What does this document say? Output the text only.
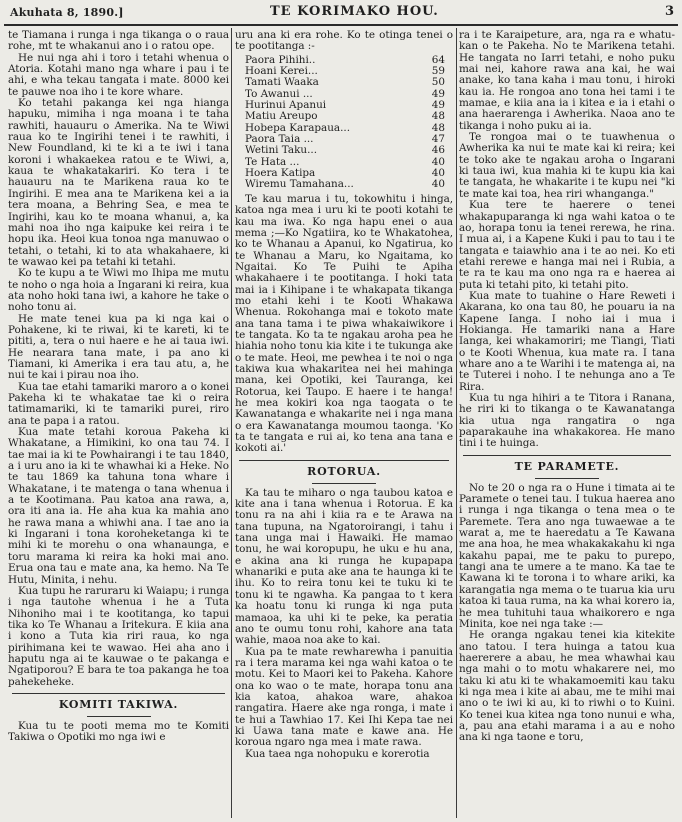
Akuhata 8, 1890.]	TE KORIMAKO HOU.	3

te Tiamana i runga i nga tikanga o o raua rohe, mt te whakanui ano i o ratou ope.

He nui nga ahi i toro i tetahi whenua o Atoria. Kotahi mano nga whare i pau i te ahi, e wha tekau tangata i mate. 8000 kei te pauwe noa iho i te kore whare.

Ko tetahi pakanga kei nga hianga hapuku, mimiha i nga moana i te taha rawhiti, hauauru o Amerika. Na te Wiwi raua ko te Ingirihi tenei i te rawhiti, i New Foundland, ki te ki a te iwi i tana koroni i whakaekea ratou e te Wiwi, a, kaua te whakatakariri. Ko tera i te hauauru na te Marikena raua ko te Ingirihi. E mea ana te Marikena kei a ia tera moana, a Behring Sea, e mea te Ingirihi, kau ko te moana whanui, a, ka mahi noa iho nga kaipuke kei reira i te hopu ika. Heoi kua tonoa nga manuwao o tetahi, o tetahi, ki to ata whakahaere, ki te wawao kei pa tetahi ki tetahi.

Ko te kupu a te Wiwi mo Ihipa me mutu te noho o nga hoia a Ingarani ki reira, kua ata noho hoki tana iwi, a kahore he take o noho tonu ai.

He mate tenei kua pa ki nga kai o Pohakene, ki te riwai, ki te kareti, ki te pititi, a, tera o nui haere e he ai taua iwi. He nearara tana mate, i pa ano ki Tiamani, ki Amerika i era tau atu, a, he nui te kai i pirau noa iho.

Kua tae etahi tamariki maroro a o konei Pakeha ki te whakatae tae ki o reira tatimamariki, ki te tamariki purei, riro ana te papa i a ratou.

Kua mate tetahi koroua Pakeha ki Whakatane, a Himikini, ko ona tau 74. I tae mai ia ki te Powhairangi i te tau 1840, a i uru ano ia ki te whawhai ki a Heke. No te tau 1869 ka tahuna tona whare i Whakatane, i te matenga o tana whenua i a te Kootimana. Pau katoa ana rawa, a, ora iti ana ia. He aha kua ka mahia ano he rawa mana a whiwhi ana. I tae ano ia ki Ingarani i tona koroheketanga ki te mihi ki te morehu o ona whanaunga, e toru marama ki reira ka hoki mai ano. Erua ona tau e mate ana, ka hemo. Na Te Hutu, Minita, i nehu.

Kua tupu he raruraru ki Waiapu; i runga i nga tautohe whenua i he a Tuta Nihoniho mai i te kootitanga, ko tapui tika ko Te Whanau a Iritekura. E kiia ana i kono a Tuta kia riri raua, ko nga pirihimana kei te wawao. Hei aha ano i haputu nga ai te kauwae o te pakanga e Ngatiporou? E bara te toa pakanga he toa pahekeheke.

KOMITI TAKIWA.

Kua tu te pooti mema mo te Komiti Takiwa o Opotiki mo nga iwi e

uru ana ki era rohe. Ko te otinga tenei o te pootitanga :-

Paora Pihihi..	64
Hoani Kerei...	59
Tamati Waaka	50
To Awanui ...	49
Hurinui Apanui	49
Matiu Areupo	48
Hobepa Karapaua...	48
Paora Taia ...	47
Wetini Taku...	46
Te Hata ...	40
Hoera Katipa	40
Wiremu Tamahana...	40

Te kau marua i tu, tokowhitu i hinga, katoa nga mea i uru ki te pooti kotahi te kau ma iwa. Ko nga hapu enei o aua mema ;—Ko Ngatiira, ko te Whakatohea, ko te Whanau a Apanui, ko Ngatirua, ko te Whanau a Maru, ko Ngaitama, ko Ngaitai. Ko Te Puihi te Apiha whakahaere i te pootitanga. I hoki tata mai ia i Kihipane i te whakapata tikanga mo etahi kehi i te Kooti Whakawa Whenua. Rokohanga mai e tokoto mate ana tana tama i te piwa whakaiwikore i te tangata. Ko ta te ngakau aroha pea he hiahia noho tonu kia kite i te tukunga ake o te mate. Heoi, me pewhea i te noi o nga takiwa kua whakaritea nei hei mahinga mana, kei Opotiki, kei Tauranga, kei Rotorua, kei Taupo. E haere i te hanga! he mea kokiri koa nga taogata o te Kawanatanga e whakarite nei i nga mana o era Kawanatanga moumou taonga. 'Ko ta te tangata e rui ai, ko tena ana tana e kokoti ai.'

ROTORUA.

Ka tau te miharo o nga taubou katoa e kite ana i tana whenua i Rotorua. E ka tonu ra na ahi i kiia ra e te Arawa na tana tupuna, na Ngatoroirangi, i tahu i tana unga mai i Hawaiki. He mamao tonu, he wai koropupu, he uku e hu ana, e akina ana ki runga he kupapapa whanariki e puta ake ana te haunga ki te ihu. Ko to reira tonu kei te tuku ki te tonu ki te ngawha. Ka pangaa to t kera ka hoatu tonu ki runga ki nga puta mamaoa, ka uhi ki te peke, ka peratia ano te oumu tonu rohi, kahore ana tata wahie, maoa noa ake to kai.

Kua pa te mate rewharewha i panuitia ra i tera marama kei nga wahi katoa o te motu. Kei to Maori kei to Pakeha. Kahore ona ko wao o te mate, horapa tonu ana kia katoa, ahakoa ware, ahakoa rangatira. Haere ake nga ronga, i mate i te hui a Tawhiao 17. Kei Ihi Kepa tae nei ki Uawa tana mate e kawe ana. He koroua ngaro nga mea i mate rawa.

Kua taea nga nohopuku e korerotia

ra i te Karaipeture, ara, nga ra e whatu-kan o te Pakeha. No te Marikena tetahi. He tangata no Iarri tetahi, e noho puku mai nei, kahore rawa ana kai, he wai anake, ko tana kaha i mau tonu, i hiroki kau ia. He rongoa ano tona hei tami i te mamae, e kiia ana ia i kitea e ia i etahi o ana haerarenga i Awherika. Naoa ano te tikanga i noho puku ai ia.

Te rongoa mai o te tuawhenua o Awherika ka nui te mate kai ki reira; kei te toko ake te ngakau aroha o Ingarani ki taua iwi, kua mahia ki te kupu kia kai te tangata, he whakarite i te kupu nei "ki te mate kai toa, hea riri whanganga."

Kua tere te haerere o tenei whakapuparanga ki nga wahi katoa o te ao, horapa tonu ia tenei rerewa, he rina. I mua ai, i a Kapene Kuki i pau to tau i te tangata e taiawhio ana i te ao nei. Ko eti etahi rerewe e hanga mai nei i Rubia, a te ra te kau ma ono nga ra e haerea ai puta ki tetahi pito, ki tetahi pito.

Kua mate to tuahine o Hare Reweti i Akarana, ko ona tau 80, he pouaru ia na Kapene Ianga. I noho iai i mua i Hokianga. He tamariki nana a Hare Ianga, kei whakamoriri; me Tiangi, Tiati o te Kooti Whenua, kua mate ra. I tana whare ano a te Warihi i te matenga ai, na te Tuterei i noho. I te nehunga ano a Te Rira.

Kua tu nga hihiri a te Titora i Ranana, he riri ki to tikanga o te Kawanatanga kia utua nga rangatira o nga paparakauhe ina whakakorea. He mano tini i te huinga.

TE PARAMETE.

No te 20 o nga ra o Hune i timata ai te Paramete o tenei tau. I tukua haerea ano i runga i nga tikanga o tena mea o te Paremete. Tera ano nga tuwaewae a te warat a, me te haeredatu a Te Kawana me ana hoa, he mea whakakakahu ki nga kakahu papai, me te paku to purepo, tangi ana te umere a te mano. Ka tae te Kawana ki te torona i to whare ariki, ka karangatia nga mema o te tuarua kia uru katoa ki taua ruma, na ka whai korero ia, he mea tuhituhi taua whaikorero e nga Minita, koe nei nga take :—

He oranga ngakau tenei kia kitekite ano tatou. I tera huinga a tatou kua haererere a abau, he mea whawhai kau nga mahi o to motu whakarere nei, mo taku ki atu ki te whakamoemiti kau taku ki nga mea i kite ai abau, me te mihi mai ano o te iwi ki au, ki to riwhi o to Kuini. Ko tenei kua kitea nga tono nunui e wha, a, pau ana etahi marama i a au e noho ana ki nga taone e toru,
